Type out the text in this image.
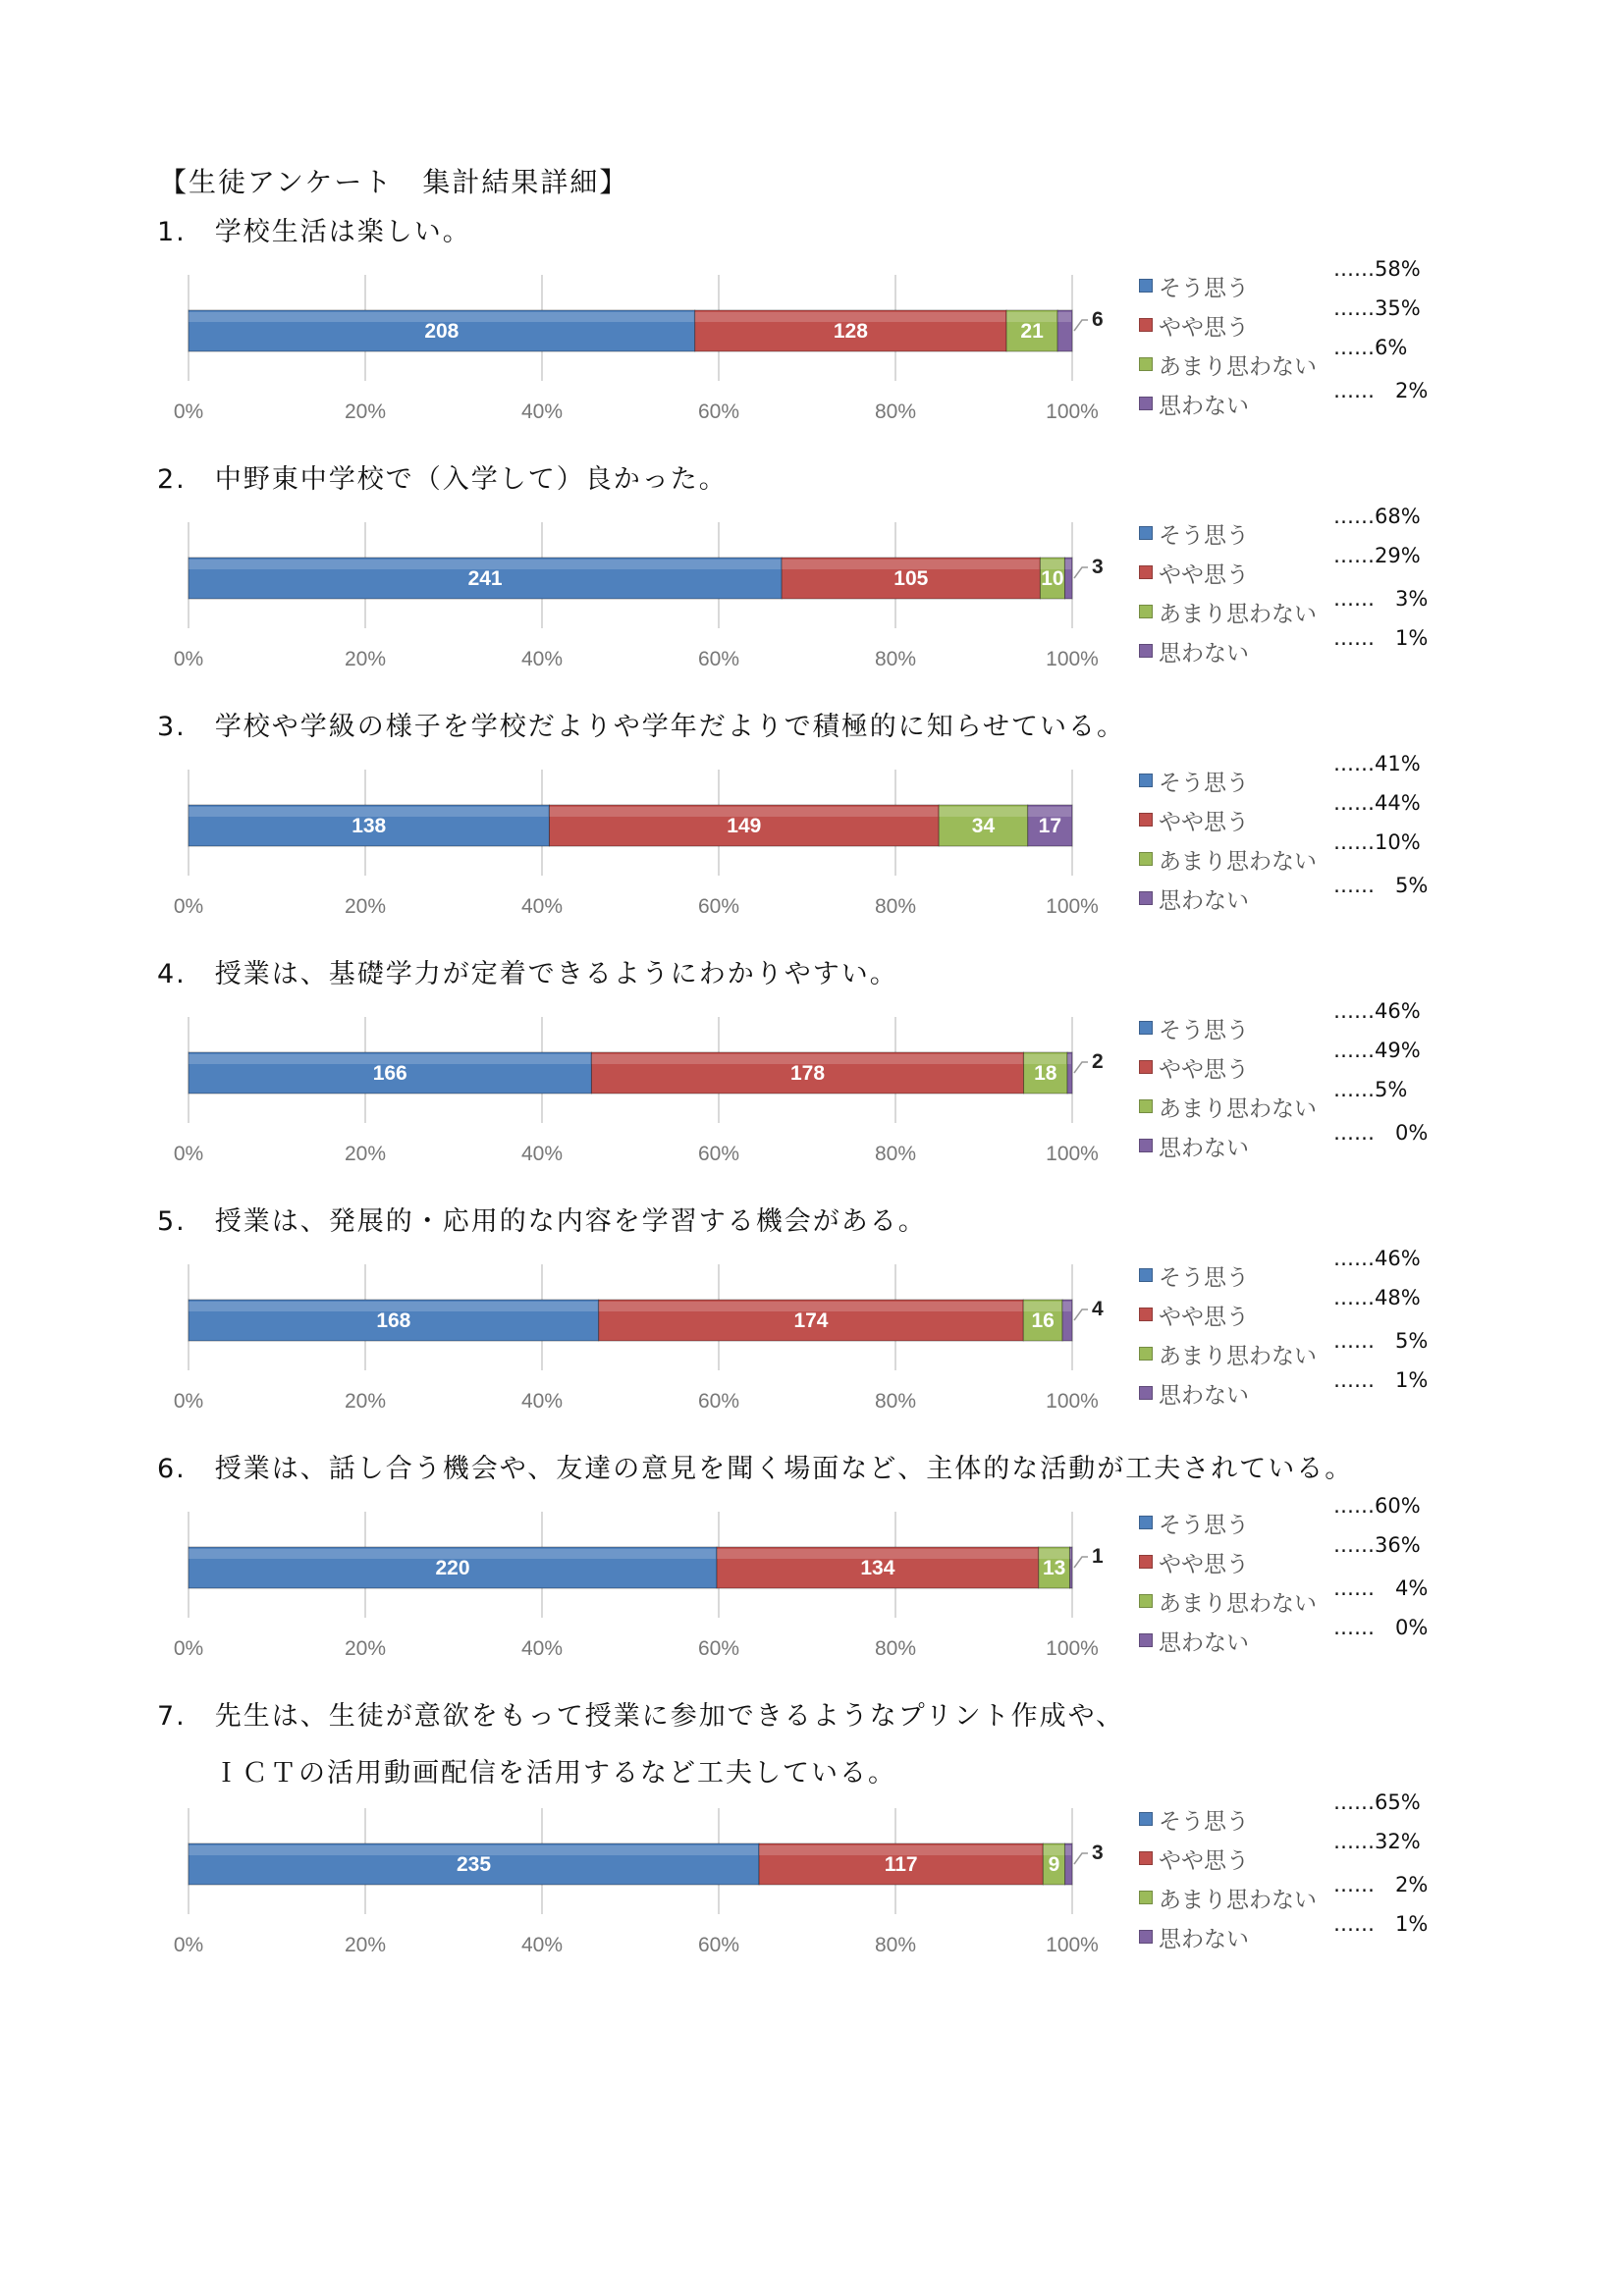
【生徒アンケート　集計結果詳細】
1.　学校生活は楽しい。
0%	20%	40%	60%	80%	100%
208	128	21
6
そう思う
やや思う
あまり思わない
思わない
……58%
……35%
……6%
……　2%
2.　中野東中学校で（入学して）良かった。
0%	20%	40%	60%	80%	100%
241	105	10
3
そう思う
やや思う
あまり思わない
思わない
……68%
……29%
……　3%
……　1%
3.　学校や学級の様子を学校だよりや学年だよりで積極的に知らせている。
0%	20%	40%	60%	80%	100%
138	149	34 17
そう思う
やや思う
あまり思わない
思わない
……41%
……44%
……10%
……　5%
4.　授業は、基礎学力が定着できるようにわかりやすい。
0%	20%	40%	60%	80%	100%
166	178	18
2
そう思う
やや思う
あまり思わない
思わない
……46%
……49%
……5%
……　0%
5.　授業は、発展的・応用的な内容を学習する機会がある。
0%	20%	40%	60%	80%	100%
168	174	16
4
そう思う
やや思う
あまり思わない
思わない
……46%
……48%
……　5%
……　1%
6.　授業は、話し合う機会や、友達の意見を聞く場面など、主体的な活動が工夫されている。
0%	20%	40%	60%	80%	100%
220	134	13
1
そう思う
やや思う
あまり思わない
思わない
……60%
……36%
……　4%
……　0%
7.　先生は、生徒が意欲をもって授業に参加できるようなプリント作成や、
ＩＣＴの活用動画配信を活用するなど工夫している。
0%	20%	40%	60%	80%	100%
235	117	9
3
そう思う
やや思う
あまり思わない
思わない
……65%
……32%
……　2%
……　1%
